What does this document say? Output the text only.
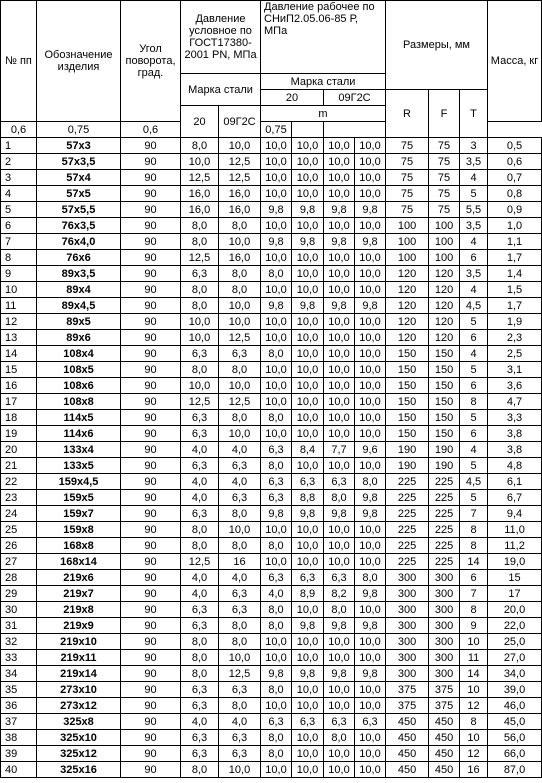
№ пп	Обозначение изделия	Угол поворота, град.	Давление условное по ГОСТ17380-2001 PN, МПа		Давление рабочее по СНиП2.05.06-85 Р, МПа				Размеры, мм			Масса, кг

			Марка стали		Марка стали							
					20		09Г2С		R	F	T	
			20	09Г2С	m							
0,6	0,75	0,6			0,75							
1	57x3	90	8,0	10,0	10,0	10,0	10,0	10,0	75	75	3	0,5
2	57x3,5	90	10,0	12,5	10,0	10,0	10,0	10,0	75	75	3,5	0,6
3	57x4	90	12,5	12,5	10,0	10,0	10,0	10,0	75	75	4	0,7
4	57x5	90	16,0	16,0	10,0	10,0	10,0	10,0	75	75	5	0,8
5	57x5,5	90	16,0	16,0	9,8	9,8	9,8	9,8	75	75	5,5	0,9
6	76x3,5	90	8,0	8,0	10,0	10,0	10,0	10,0	100	100	3,5	1,0
7	76x4,0	90	8,0	10,0	9,8	9,8	9,8	9,8	100	100	4	1,1
8	76x6	90	12,5	16,0	10,0	10,0	10,0	10,0	100	100	6	1,7
9	89x3,5	90	6,3	8,0	8,0	10,0	10,0	10,0	120	120	3,5	1,4
10	89x4	90	8,0	8,0	10,0	10,0	10,0	10,0	120	120	4	1,5
11	89x4,5	90	8,0	10,0	9,8	9,8	9,8	9,8	120	120	4,5	1,7
12	89x5	90	10,0	10,0	10,0	10,0	10,0	10,0	120	120	5	1,9
13	89x6	90	10,0	12,5	10,0	10,0	10,0	10,0	120	120	6	2,3
14	108x4	90	6,3	6,3	8,0	10,0	10,0	10,0	150	150	4	2,5
15	108x5	90	8,0	8,0	10,0	10,0	10,0	10,0	150	150	5	3,1
16	108x6	90	10,0	10,0	10,0	10,0	10,0	10,0	150	150	6	3,6
17	108x8	90	12,5	12,5	10,0	10,0	10,0	10,0	150	150	8	4,7
18	114x5	90	6,3	8,0	8,0	10,0	10,0	10,0	150	150	5	3,3
19	114x6	90	6,3	10,0	10,0	10,0	10,0	10,0	150	150	6	3,8
20	133x4	90	4,0	4,0	6,3	8,4	7,7	9,6	190	190	4	3,8
21	133x5	90	6,3	6,3	8,0	10,0	10,0	10,0	190	190	5	4,8
22	159x4,5	90	4,0	4,0	6,3	6,3	6,3	8,0	225	225	4,5	6,1
23	159x5	90	4,0	6,3	6,3	8,8	8,0	9,8	225	225	5	6,7
24	159x7	90	6,3	8,0	9,8	9,8	9,8	9,8	225	225	7	9,4
25	159x8	90	8,0	10,0	10,0	10,0	10,0	10,0	225	225	8	11,0
26	168x8	90	8,0	8,0	8,0	10,0	10,0	10,0	225	225	8	11,2
27	168x14	90	12,5	16	10,0	10,0	10,0	10,0	225	225	14	19,0
28	219x6	90	4,0	4,0	6,3	6,3	6,3	8,0	300	300	6	15
29	219x7	90	4,0	6,3	4,0	8,9	8,2	9,8	300	300	7	17
30	219x8	90	6,3	6,3	8,0	10,0	8,0	10,0	300	300	8	20,0
31	219x9	90	6,3	8,0	8,0	9,8	9,8	9,8	300	300	9	22,0
32	219x10	90	8,0	8,0	10,0	10,0	10,0	10,0	300	300	10	25,0
33	219x11	90	8,0	10,0	10,0	10,0	10,0	10,0	300	300	11	27,0
34	219x14	90	8,0	12,5	9,8	9,8	9,8	9,8	300	300	14	34,0
35	273x10	90	6,3	6,3	8,0	10,0	10,0	10,0	375	375	10	39,0
36	273x12	90	6,3	8,0	10,0	10,0	10,0	10,0	375	375	12	46,0
37	325x8	90	4,0	4,0	6,3	6,3	6,3	6,3	450	450	8	45,0
38	325x10	90	6,3	6,3	8,0	10,0	8,0	10,0	450	450	10	56,0
39	325x12	90	6,3	6,3	8,0	10,0	10,0	10,0	450	450	12	66,0
40	325x16	90	8,0	10,0	10,0	10,0	10,0	10,0	450	450	16	87,0
